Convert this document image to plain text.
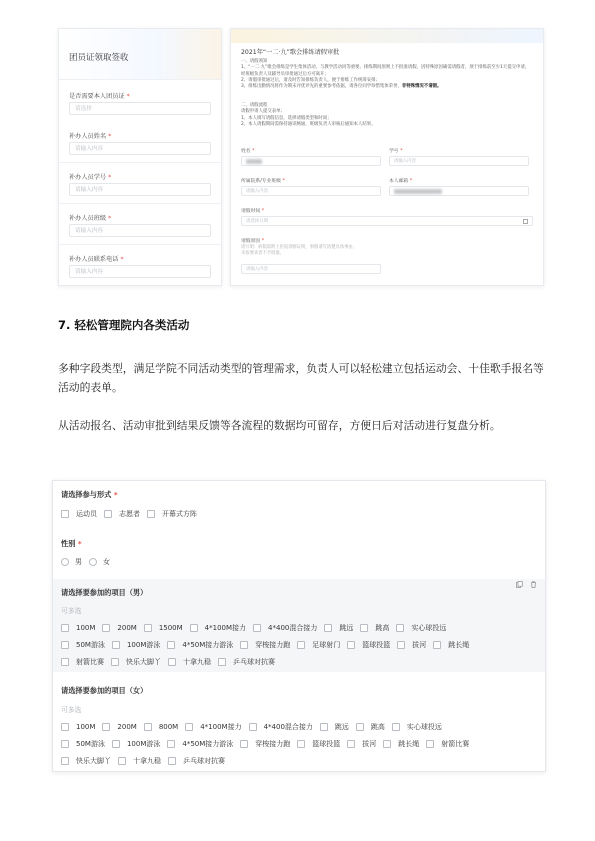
团员证领取签收
是否需要本人团员证 *
请选择
补办人员姓名 *
请输入内容
补办人员学号 *
请输入内容
补办人员班级 *
请输入内容
补办人员联系电话 *
请输入内容
2021年“一二·九”歌会排练请假审批
一、请假须知
1、“一二·九”歌会排练是学生集体活动，与教学活动同等重要。排练期间原则上不批准请假，因特殊原因确需请假者，须于排练前至少1天提交申请，经班级负责人及辅导员审批通过后方可离开；
2、请假审批通过后，请及时告知排练负责人，便于排练工作统筹安排；
3、排练出勤情况将作为期末评优评先的重要参考依据，请各位同学珍惜集体荣誉，非特殊情况不请假。
二、请假流程
请假申请人提交表单；
1、本人填写请假信息，选择请假类型和时间；
2、本人请假期间需保持通讯畅通，班级负责人审核后通知本人结果。
姓名 *	学号 *
请输入内容
所属院系/专业班级 *
请输入内容
本人邮箱 *
请假时间 *
请选择日期
请假原因 *
请写明：病假需附上医院诊断证明，事假请写清楚具体事由，未按要求者不予批准。
请输入内容
7. 轻松管理院内各类活动
多种字段类型，满足学院不同活动类型的管理需求，负责人可以轻松建立包括运动会、十佳歌手报名等活动的表单。
从活动报名、活动审批到结果反馈等各流程的数据均可留存，方便日后对活动进行复盘分析。
请选择参与形式 *
运动员	志愿者	开幕式方阵
性别 *
男	女
请选择要参加的项目（男）
可多选
100M	200M	1500M	4*100M接力	4*400混合接力	跳远	跳高	实心球投远
50M游泳	100M游泳	4*50M接力游泳	穿梭接力跑	足球射门	篮球投篮	拔河	跳长绳
射箭比赛	快乐大脚丫	十拿九稳	乒乓球对抗赛
请选择要参加的项目（女）
可多选
100M	200M	800M	4*100M接力	4*400混合接力	跳远	跳高	实心球投远
50M游泳	100M游泳	4*50M接力游泳	穿梭接力跑	篮球投篮	拔河	跳长绳	射箭比赛
快乐大脚丫	十拿九稳	乒乓球对抗赛
